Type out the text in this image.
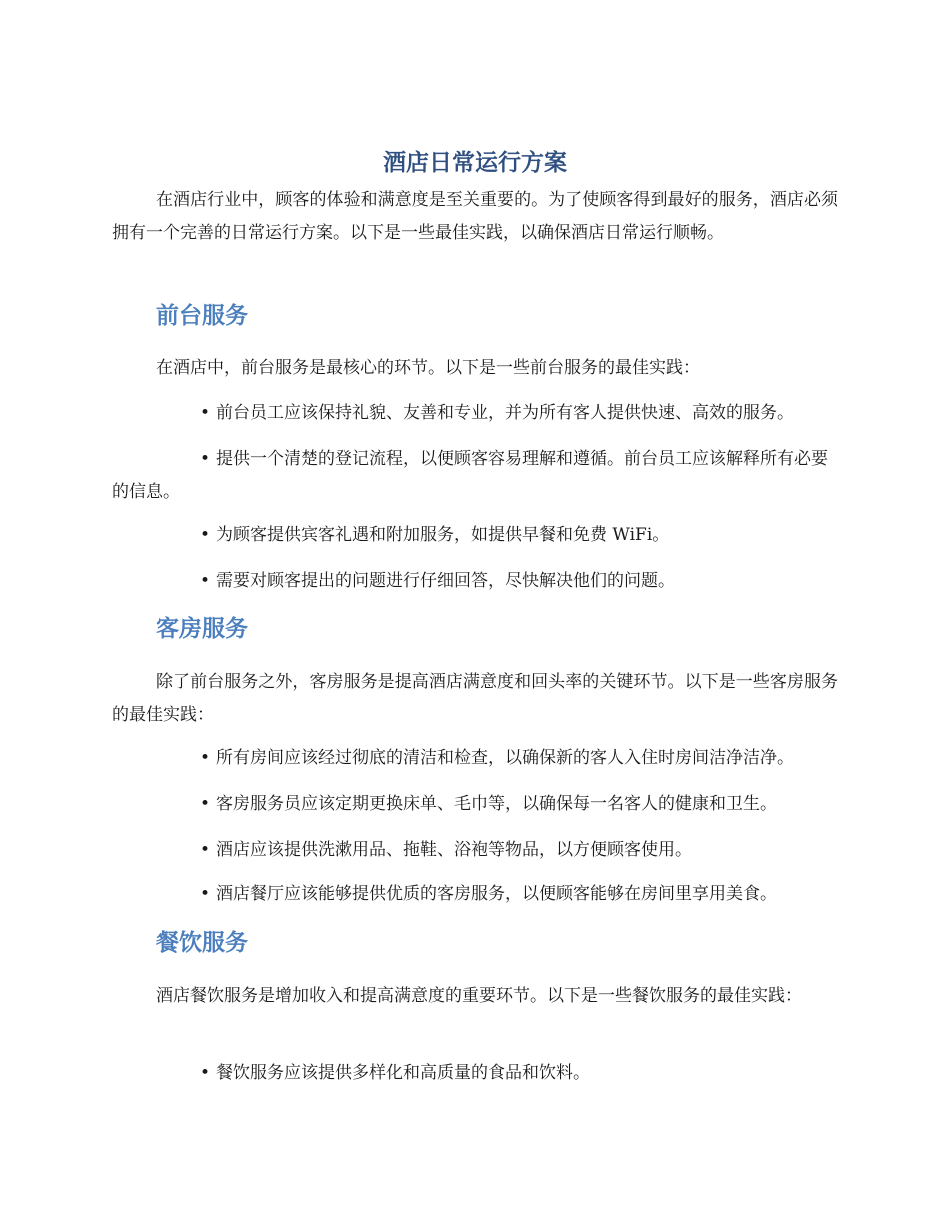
酒店日常运行方案

在酒店行业中，顾客的体验和满意度是至关重要的。为了使顾客得到最好的服务，酒店必须拥有一个完善的日常运行方案。以下是一些最佳实践，以确保酒店日常运行顺畅。

前台服务

在酒店中，前台服务是最核心的环节。以下是一些前台服务的最佳实践：

• 前台员工应该保持礼貌、友善和专业，并为所有客人提供快速、高效的服务。

• 提供一个清楚的登记流程，以便顾客容易理解和遵循。前台员工应该解释所有必要的信息。

• 为顾客提供宾客礼遇和附加服务，如提供早餐和免费 WiFi。

• 需要对顾客提出的问题进行仔细回答，尽快解决他们的问题。

客房服务

除了前台服务之外，客房服务是提高酒店满意度和回头率的关键环节。以下是一些客房服务的最佳实践：

• 所有房间应该经过彻底的清洁和检查，以确保新的客人入住时房间洁净洁净。

• 客房服务员应该定期更换床单、毛巾等，以确保每一名客人的健康和卫生。

• 酒店应该提供洗漱用品、拖鞋、浴袍等物品，以方便顾客使用。

• 酒店餐厅应该能够提供优质的客房服务，以便顾客能够在房间里享用美食。

餐饮服务

酒店餐饮服务是增加收入和提高满意度的重要环节。以下是一些餐饮服务的最佳实践：

• 餐饮服务应该提供多样化和高质量的食品和饮料。
